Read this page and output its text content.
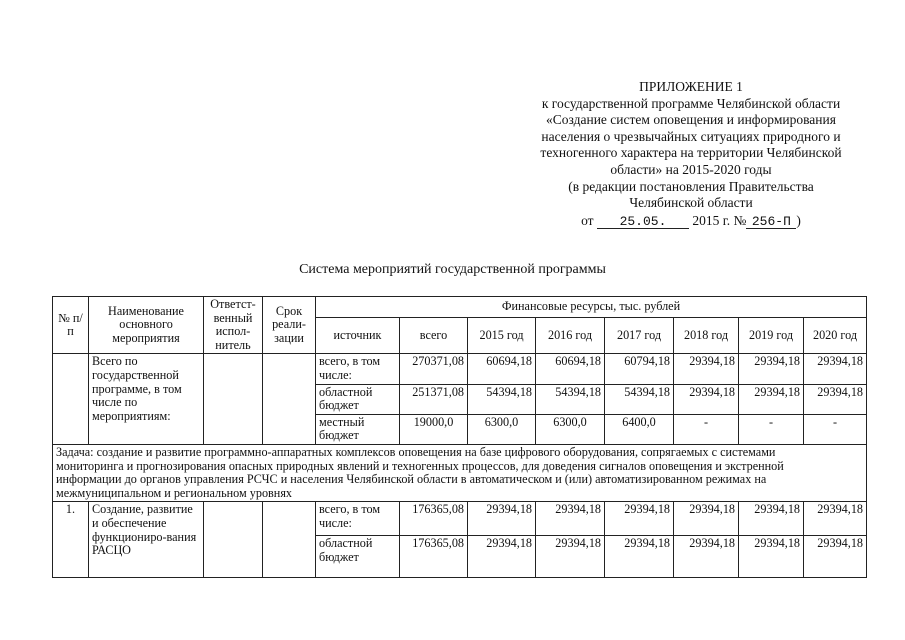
ПРИЛОЖЕНИЕ 1
к государственной программе Челябинской области
«Создание систем оповещения и информирования
населения о чрезвычайных ситуациях природного и
техногенного характера на территории Челябинской
области» на 2015-2020 годы
(в редакции постановления Правительства
Челябинской области
от 25.05. 2015 г. № 256-П )
Система мероприятий государственной программы
№ п/п	Наименование основного мероприятия	Ответст-венный испол-нитель	Срок реали-зации	Финансовые ресурсы, тыс. рублей							
				источник	всего	2015 год	2016 год	2017 год	2018 год	2019 год	2020 год
	Всего по государственной программе, в том числе по мероприятиям:			всего, в том числе:	270371,08	60694,18	60694,18	60794,18	29394,18	29394,18	29394,18
				областной бюджет	251371,08	54394,18	54394,18	54394,18	29394,18	29394,18	29394,18
				местный бюджет	19000,0	6300,0	6300,0	6400,0	-	-	-

Задача: создание и развитие программно-аппаратных комплексов оповещения на базе цифрового оборудования, сопрягаемых с системами
мониторинга и прогнозирования опасных природных явлений и техногенных процессов, для доведения сигналов оповещения и экстренной
информации до органов управления РСЧС и населения Челябинской области в автоматическом и (или) автоматизированном режимах на
межмуниципальном и региональном уровнях											

1.	Создание, развитие и обеспечение функциониро-вания РАСЦО			всего, в том числе:	176365,08	29394,18	29394,18	29394,18	29394,18	29394,18	29394,18
				областной бюджет	176365,08	29394,18	29394,18	29394,18	29394,18	29394,18	29394,18
